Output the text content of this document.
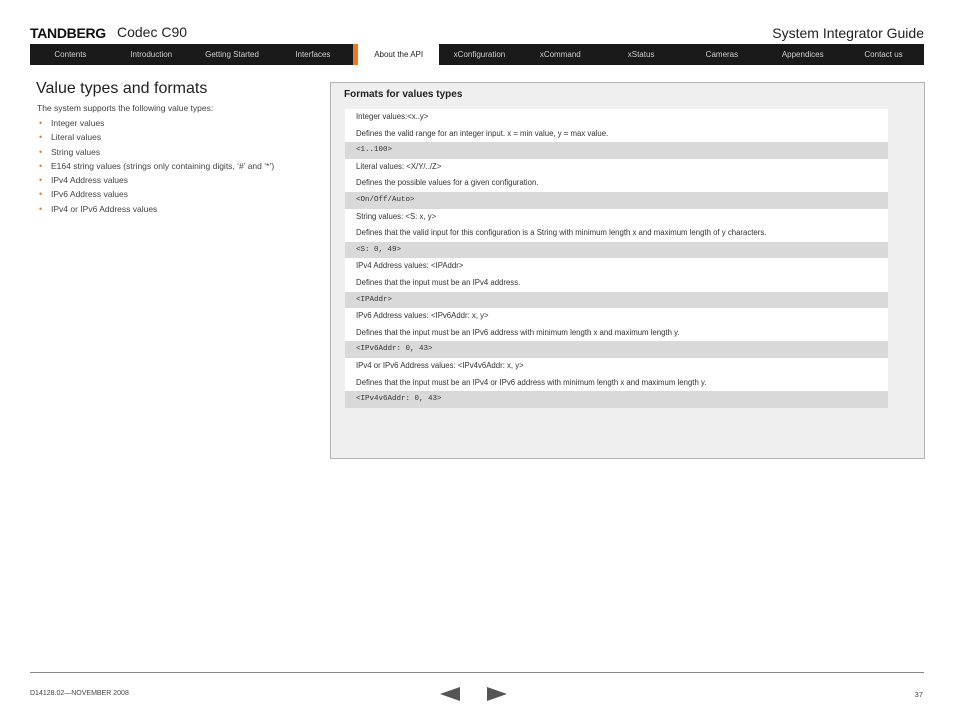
TANDBERG Codec C90	System Integrator Guide
Contents	Introduction	Getting Started	Interfaces	About the API	xConfiguration	xCommand	xStatus	Cameras	Appendices	Contact us
Value types and formats
The system supports the following value types:
• Integer values
• Literal values
• String values
• E164 string values (strings only containing digits, ‘#’ and ‘*’)
• IPv4 Address values
• IPv6 Address values
• IPv4 or IPv6 Address values
Formats for values types
Integer values:<x..y>
Defines the valid range for an integer input. x = min value, y = max value.
<1..100>
Literal values: <X/Y/../Z>
Defines the possible values for a given configuration.
<On/Off/Auto>
String values: <S: x, y>
Defines that the valid input for this configuration is a String with minimum length x and maximum length of y characters.
<S: 0, 49>
IPv4 Address values: <IPAddr>
Defines that the input must be an IPv4 address.
<IPAddr>
IPv6 Address values: <IPv6Addr: x, y>
Defines that the input must be an IPv6 address with minimum length x and maximum length y.
<IPv6Addr: 0, 43>
IPv4 or IPv6 Address values: <IPv4v6Addr: x, y>
Defines that the input must be an IPv4 or IPv6 address with minimum length x and maximum length y.
<IPv4v6Addr: 0, 43>
D14128.02—NOVEMBER 2008	37
